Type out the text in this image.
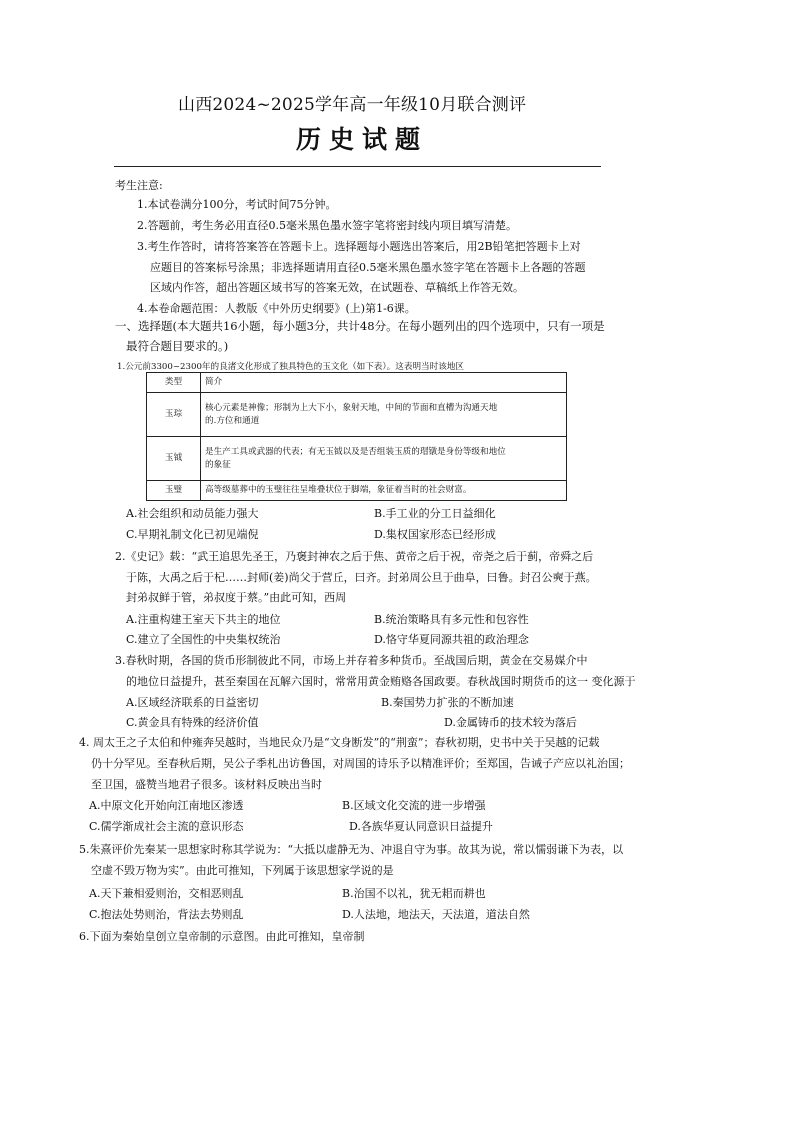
山西2024~2025学年高一年级10月联合测评
历史试题
考生注意:
1.本试卷满分100分，考试时间75分钟。
2.答题前，考生务必用直径0.5毫米黑色墨水签字笔将密封线内项目填写清楚。
3.考生作答时，请将答案答在答题卡上。选择题每小题选出答案后，用2B铅笔把答题卡上对
应题目的答案标号涂黑；非选择题请用直径0.5毫米黑色墨水签字笔在答题卡上各题的答题
区域内作答，超出答题区域书写的答案无效，在试题卷、草稿纸上作答无效。
4.本卷命题范围：人教版《中外历史纲要》(上)第1-6课。
一、选择题(本大题共16小题，每小题3分，共计48分。在每小题列出的四个选项中，只有一项是
最符合题目要求的。)
1.公元前3300~2300年的良渚文化形成了独具特色的玉文化（如下表）。这表明当时该地区
类型	简介
玉琮	核心元素是神像；形制为上大下小，象射天地，中间的节面和直槽为沟通天地
的.方位和通道
玉钺	是生产工具或武器的代表；有无玉钺以及是否组装玉质的瑁镦是身份等级和地位
的象征
玉璧	高等级墓葬中的玉璧往往呈堆叠状位于脚端，象征着当时的社会财富。
A.社会组织和动员能力强大	B.手工业的分工日益细化
C.早期礼制文化已初见端倪	D.集权国家形态已经形成
2.《史记》载：“武王追思先圣王，乃褒封神农之后于焦、黄帝之后于祝，帝尧之后于蓟，帝舜之后
于陈，大禹之后于杞……封师(姜)尚父于营丘，曰齐。封弟周公旦于曲阜，曰鲁。封召公奭于燕。
封弟叔鲜于管，弟叔度于蔡。”由此可知，西周
A.注重构建王室天下共主的地位	B.统治策略具有多元性和包容性
C.建立了全国性的中央集权统治	D.恪守华夏同源共祖的政治理念
3.春秋时期，各国的货币形制彼此不同，市场上并存着多种货币。至战国后期，黄金在交易媒介中
的地位日益提升，甚至秦国在瓦解六国时，常常用黄金贿赂各国政要。春秋战国时期货币的这一 变化源于
A.区域经济联系的日益密切	B.秦国势力扩张的不断加速
C.黄金具有特殊的经济价值	D.金属铸币的技术较为落后
4. 周太王之子太伯和仲雍奔吴越时，当地民众乃是“文身断发”的“荆蛮”；春秋初期，史书中关于吴越的记载
仍十分罕见。至春秋后期，吴公子季札出访鲁国，对周国的诗乐予以精准评价；至郑国，告诫子产应以礼治国；
至卫国，盛赞当地君子很多。该材料反映出当时
A.中原文化开始向江南地区渗透	B.区域文化交流的进一步增强
C.儒学渐成社会主流的意识形态	D.各族华夏认同意识日益提升
5.朱熹评价先秦某一思想家时称其学说为：“大抵以虚静无为、冲退自守为事。故其为说，常以懦弱谦下为表，以
空虚不毁万物为实”。由此可推知，下列属于该思想家学说的是
A.天下兼相爱则治，交相恶则乱	B.治国不以礼，犹无耜而耕也
C.抱法处势则治，背法去势则乱	D.人法地，地法天，天法道，道法自然
6.下面为秦始皇创立皇帝制的示意图。由此可推知，皇帝制
